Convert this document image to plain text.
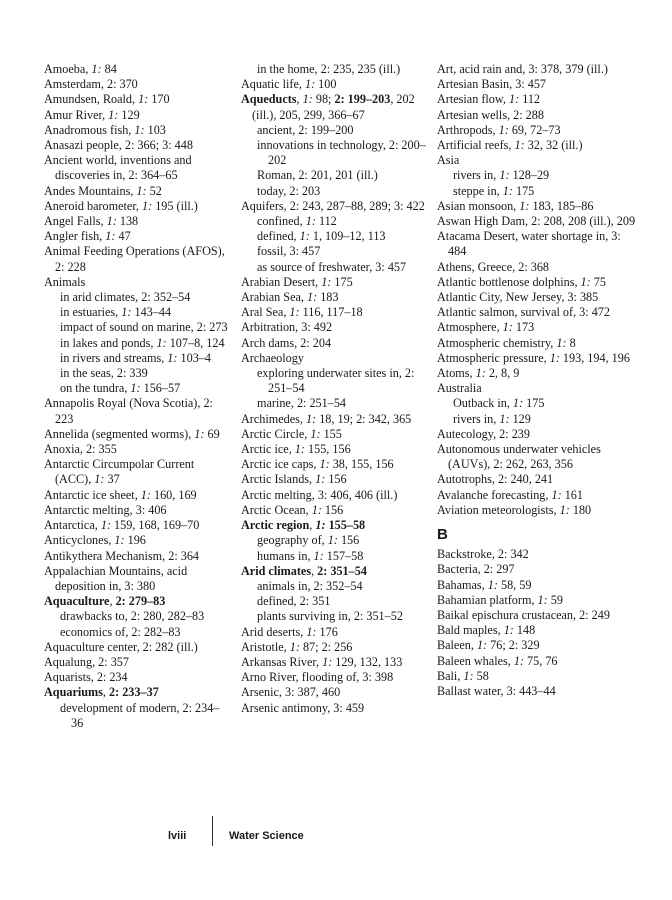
Amoeba, 1: 84
Amsterdam, 2: 370
Amundsen, Roald, 1: 170
Amur River, 1: 129
Anadromous fish, 1: 103
Anasazi people, 2: 366; 3: 448
Ancient world, inventions and discoveries in, 2: 364–65
Andes Mountains, 1: 52
Aneroid barometer, 1: 195 (ill.)
Angel Falls, 1: 138
Angler fish, 1: 47
Animal Feeding Operations (AFOS), 2: 228
Animals
in arid climates, 2: 352–54
in estuaries, 1: 143–44
impact of sound on marine, 2: 273
in lakes and ponds, 1: 107–8, 124
in rivers and streams, 1: 103–4
in the seas, 2: 339
on the tundra, 1: 156–57
Annapolis Royal (Nova Scotia), 2: 223
Annelida (segmented worms), 1: 69
Anoxia, 2: 355
Antarctic Circumpolar Current (ACC), 1: 37
Antarctic ice sheet, 1: 160, 169
Antarctic melting, 3: 406
Antarctica, 1: 159, 168, 169–70
Anticyclones, 1: 196
Antikythera Mechanism, 2: 364
Appalachian Mountains, acid deposition in, 3: 380
Aquaculture, 2: 279–83
drawbacks to, 2: 280, 282–83
economics of, 2: 282–83
Aquaculture center, 2: 282 (ill.)
Aqualung, 2: 357
Aquarists, 2: 234
Aquariums, 2: 233–37
development of modern, 2: 234–36
in the home, 2: 235, 235 (ill.)
Aquatic life, 1: 100
Aqueducts, 1: 98; 2: 199–203, 202 (ill.), 205, 299, 366–67
ancient, 2: 199–200
innovations in technology, 2: 200–202
Roman, 2: 201, 201 (ill.)
today, 2: 203
Aquifers, 2: 243, 287–88, 289; 3: 422
confined, 1: 112
defined, 1: 1, 109–12, 113
fossil, 3: 457
as source of freshwater, 3: 457
Arabian Desert, 1: 175
Arabian Sea, 1: 183
Aral Sea, 1: 116, 117–18
Arbitration, 3: 492
Arch dams, 2: 204
Archaeology
exploring underwater sites in, 2: 251–54
marine, 2: 251–54
Archimedes, 1: 18, 19; 2: 342, 365
Arctic Circle, 1: 155
Arctic ice, 1: 155, 156
Arctic ice caps, 1: 38, 155, 156
Arctic Islands, 1: 156
Arctic melting, 3: 406, 406 (ill.)
Arctic Ocean, 1: 156
Arctic region, 1: 155–58
geography of, 1: 156
humans in, 1: 157–58
Arid climates, 2: 351–54
animals in, 2: 352–54
defined, 2: 351
plants surviving in, 2: 351–52
Arid deserts, 1: 176
Aristotle, 1: 87; 2: 256
Arkansas River, 1: 129, 132, 133
Arno River, flooding of, 3: 398
Arsenic, 3: 387, 460
Arsenic antimony, 3: 459
Art, acid rain and, 3: 378, 379 (ill.)
Artesian Basin, 3: 457
Artesian flow, 1: 112
Artesian wells, 2: 288
Arthropods, 1: 69, 72–73
Artificial reefs, 1: 32, 32 (ill.)
Asia
rivers in, 1: 128–29
steppe in, 1: 175
Asian monsoon, 1: 183, 185–86
Aswan High Dam, 2: 208, 208 (ill.), 209
Atacama Desert, water shortage in, 3: 484
Athens, Greece, 2: 368
Atlantic bottlenose dolphins, 1: 75
Atlantic City, New Jersey, 3: 385
Atlantic salmon, survival of, 3: 472
Atmosphere, 1: 173
Atmospheric chemistry, 1: 8
Atmospheric pressure, 1: 193, 194, 196
Atoms, 1: 2, 8, 9
Australia
Outback in, 1: 175
rivers in, 1: 129
Autecology, 2: 239
Autonomous underwater vehicles (AUVs), 2: 262, 263, 356
Autotrophs, 2: 240, 241
Avalanche forecasting, 1: 161
Aviation meteorologists, 1: 180
B
Backstroke, 2: 342
Bacteria, 2: 297
Bahamas, 1: 58, 59
Bahamian platform, 1: 59
Baikal epischura crustacean, 2: 249
Bald maples, 1: 148
Baleen, 1: 76; 2: 329
Baleen whales, 1: 75, 76
Bali, 1: 58
Ballast water, 3: 443–44
lviii	Water Science
